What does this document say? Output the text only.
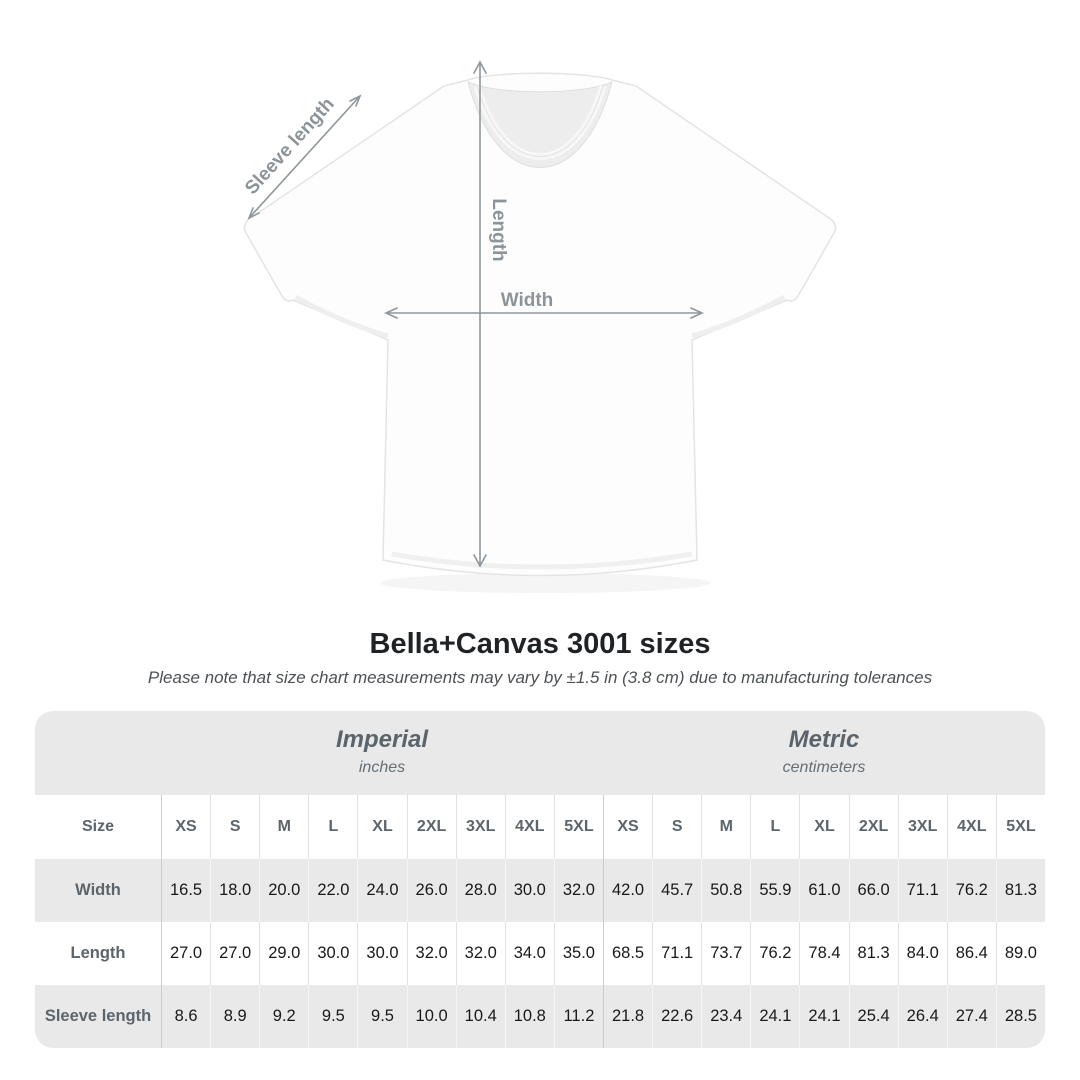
Sleeve length
Length
Width
Bella+Canvas 3001 sizes
Please note that size chart measurements may vary by ±1.5 in (3.8 cm) due to manufacturing tolerances
Imperial
inches
Metric
centimeters
Size	XS	S	M	L	XL	2XL	3XL	4XL	5XL	XS	S	M	L	XL	2XL	3XL	4XL	5XL
Width	16.5	18.0	20.0	22.0	24.0	26.0	28.0	30.0	32.0	42.0	45.7	50.8	55.9	61.0	66.0	71.1	76.2	81.3
Length	27.0	27.0	29.0	30.0	30.0	32.0	32.0	34.0	35.0	68.5	71.1	73.7	76.2	78.4	81.3	84.0	86.4	89.0
Sleeve length	8.6	8.9	9.2	9.5	9.5	10.0	10.4	10.8	11.2	21.8	22.6	23.4	24.1	24.1	25.4	26.4	27.4	28.5
